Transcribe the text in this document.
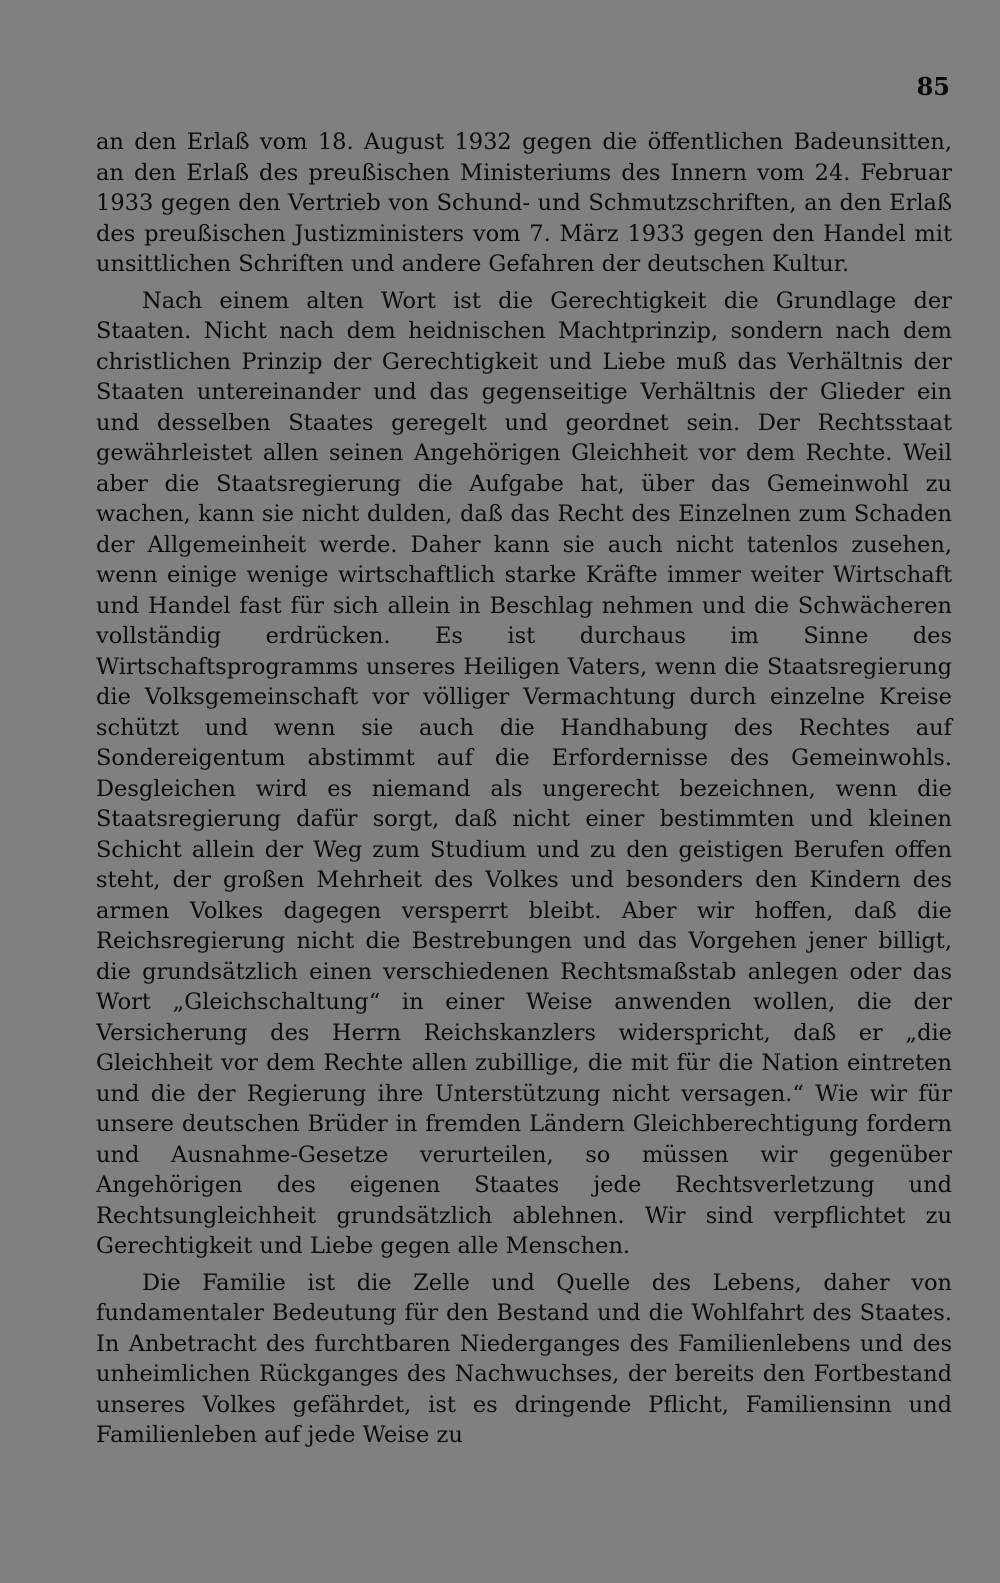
85

an den Erlaß vom 18. August 1932 gegen die öffentlichen Badeunsitten, an den Erlaß des preußischen Ministeriums des Innern vom 24. Februar 1933 gegen den Vertrieb von Schund- und Schmutzschriften, an den Erlaß des preußischen Justizministers vom 7. März 1933 gegen den Handel mit unsittlichen Schriften und andere Gefahren der deutschen Kultur.

Nach einem alten Wort ist die Gerechtigkeit die Grundlage der Staaten. Nicht nach dem heidnischen Machtprinzip, sondern nach dem christlichen Prinzip der Gerechtigkeit und Liebe muß das Verhältnis der Staaten untereinander und das gegenseitige Verhältnis der Glieder ein und desselben Staates geregelt und geordnet sein. Der Rechtsstaat gewährleistet allen seinen Angehörigen Gleichheit vor dem Rechte. Weil aber die Staatsregierung die Aufgabe hat, über das Gemeinwohl zu wachen, kann sie nicht dulden, daß das Recht des Einzelnen zum Schaden der Allgemeinheit werde. Daher kann sie auch nicht tatenlos zusehen, wenn einige wenige wirtschaftlich starke Kräfte immer weiter Wirtschaft und Handel fast für sich allein in Beschlag nehmen und die Schwächeren vollständig erdrücken. Es ist durchaus im Sinne des Wirtschaftsprogramms unseres Heiligen Vaters, wenn die Staatsregierung die Volksgemeinschaft vor völliger Vermachtung durch einzelne Kreise schützt und wenn sie auch die Handhabung des Rechtes auf Sondereigentum abstimmt auf die Erfordernisse des Gemeinwohls. Desgleichen wird es niemand als ungerecht bezeichnen, wenn die Staatsregierung dafür sorgt, daß nicht einer bestimmten und kleinen Schicht allein der Weg zum Studium und zu den geistigen Berufen offen steht, der großen Mehrheit des Volkes und besonders den Kindern des armen Volkes dagegen versperrt bleibt. Aber wir hoffen, daß die Reichsregierung nicht die Bestrebungen und das Vorgehen jener billigt, die grundsätzlich einen verschiedenen Rechtsmaßstab anlegen oder das Wort „Gleichschaltung“ in einer Weise anwenden wollen, die der Versicherung des Herrn Reichskanzlers widerspricht, daß er „die Gleichheit vor dem Rechte allen zubillige, die mit für die Nation eintreten und die der Regierung ihre Unterstützung nicht versagen.“ Wie wir für unsere deutschen Brüder in fremden Ländern Gleichberechtigung fordern und Ausnahme-Gesetze verurteilen, so müssen wir gegenüber Angehörigen des eigenen Staates jede Rechtsverletzung und Rechtsungleichheit grundsätzlich ablehnen. Wir sind verpflichtet zu Gerechtigkeit und Liebe gegen alle Menschen.

Die Familie ist die Zelle und Quelle des Lebens, daher von fundamentaler Bedeutung für den Bestand und die Wohlfahrt des Staates. In Anbetracht des furchtbaren Niederganges des Familienlebens und des unheimlichen Rückganges des Nachwuchses, der bereits den Fortbestand unseres Volkes gefährdet, ist es dringende Pflicht, Familiensinn und Familienleben auf jede Weise zu
